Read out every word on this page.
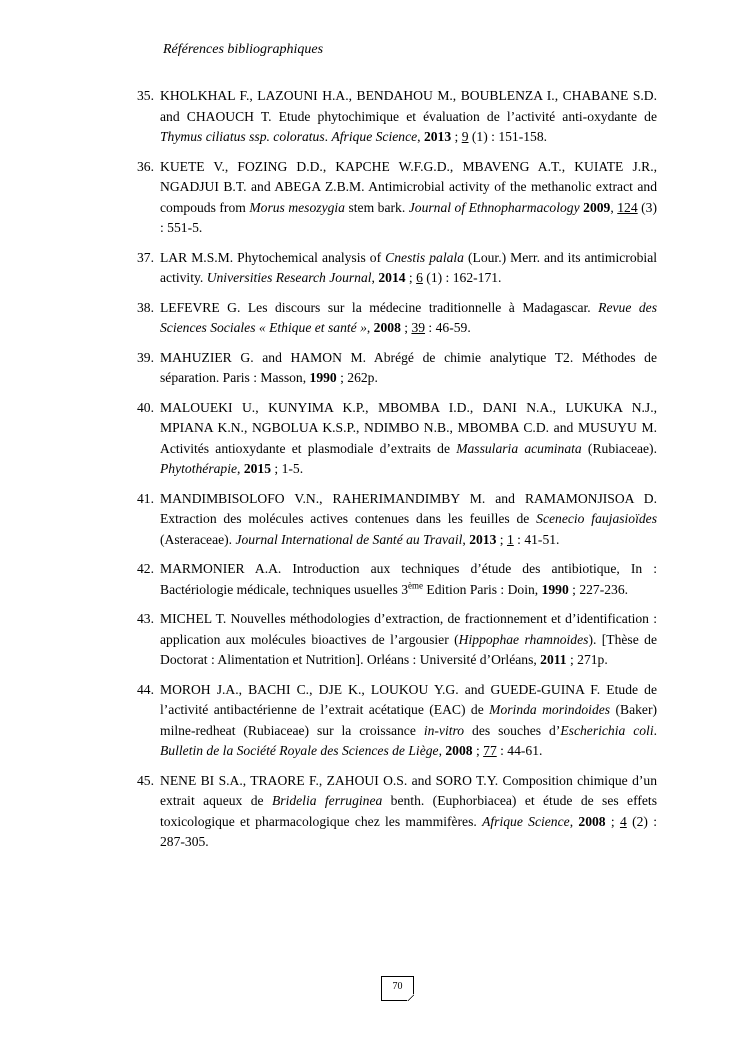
Références bibliographiques
35. KHOLKHAL F., LAZOUNI H.A., BENDAHOU M., BOUBLENZA I., CHABANE S.D. and CHAOUCH T. Etude phytochimique et évaluation de l’activité anti-oxydante de Thymus ciliatus ssp. coloratus. Afrique Science, 2013 ; 9 (1) : 151-158.
36. KUETE V., FOZING D.D., KAPCHE W.F.G.D., MBAVENG A.T., KUIATE J.R., NGADJUI B.T. and ABEGA Z.B.M. Antimicrobial activity of the methanolic extract and compouds from Morus mesozygia stem bark. Journal of Ethnopharmacology 2009, 124 (3) : 551-5.
37. LAR M.S.M. Phytochemical analysis of Cnestis palala (Lour.) Merr. and its antimicrobial activity. Universities Research Journal, 2014 ; 6 (1) : 162-171.
38. LEFEVRE G. Les discours sur la médecine traditionnelle à Madagascar. Revue des Sciences Sociales « Ethique et santé », 2008 ; 39 : 46-59.
39. MAHUZIER G. and HAMON M. Abrégé de chimie analytique T2. Méthodes de séparation. Paris : Masson, 1990 ; 262p.
40. MALOUEKI U., KUNYIMA K.P., MBOMBA I.D., DANI N.A., LUKUKA N.J., MPIANA K.N., NGBOLUA K.S.P., NDIMBO N.B., MBOMBA C.D. and MUSUYU M. Activités antioxydante et plasmodiale d’extraits de Massularia acuminata (Rubiaceae). Phytothérapie, 2015 ; 1-5.
41. MANDIMBISOLOFO V.N., RAHERIMANDIMBY M. and RAMAMONJISOA D. Extraction des molécules actives contenues dans les feuilles de Scenecio faujasioïdes (Asteraceae). Journal International de Santé au Travail, 2013 ; 1 : 41-51.
42. MARMONIER A.A. Introduction aux techniques d’étude des antibiotique, In : Bactériologie médicale, techniques usuelles 3ème Edition Paris : Doin, 1990 ; 227-236.
43. MICHEL T. Nouvelles méthodologies d’extraction, de fractionnement et d’identification : application aux molécules bioactives de l’argousier (Hippophae rhamnoides). [Thèse de Doctorat : Alimentation et Nutrition]. Orléans : Université d’Orléans, 2011 ; 271p.
44. MOROH J.A., BACHI C., DJE K., LOUKOU Y.G. and GUEDE-GUINA F. Etude de l’activité antibactérienne de l’extrait acétatique (EAC) de Morinda morindoides (Baker) milne-redheat (Rubiaceae) sur la croissance in-vitro des souches d’Escherichia coli. Bulletin de la Société Royale des Sciences de Liège, 2008 ; 77 : 44-61.
45. NENE BI S.A., TRAORE F., ZAHOUI O.S. and SORO T.Y. Composition chimique d’un extrait aqueux de Bridelia ferruginea benth. (Euphorbiacea) et étude de ses effets toxicologique et pharmacologique chez les mammifères. Afrique Science, 2008 ; 4 (2) : 287-305.
70
